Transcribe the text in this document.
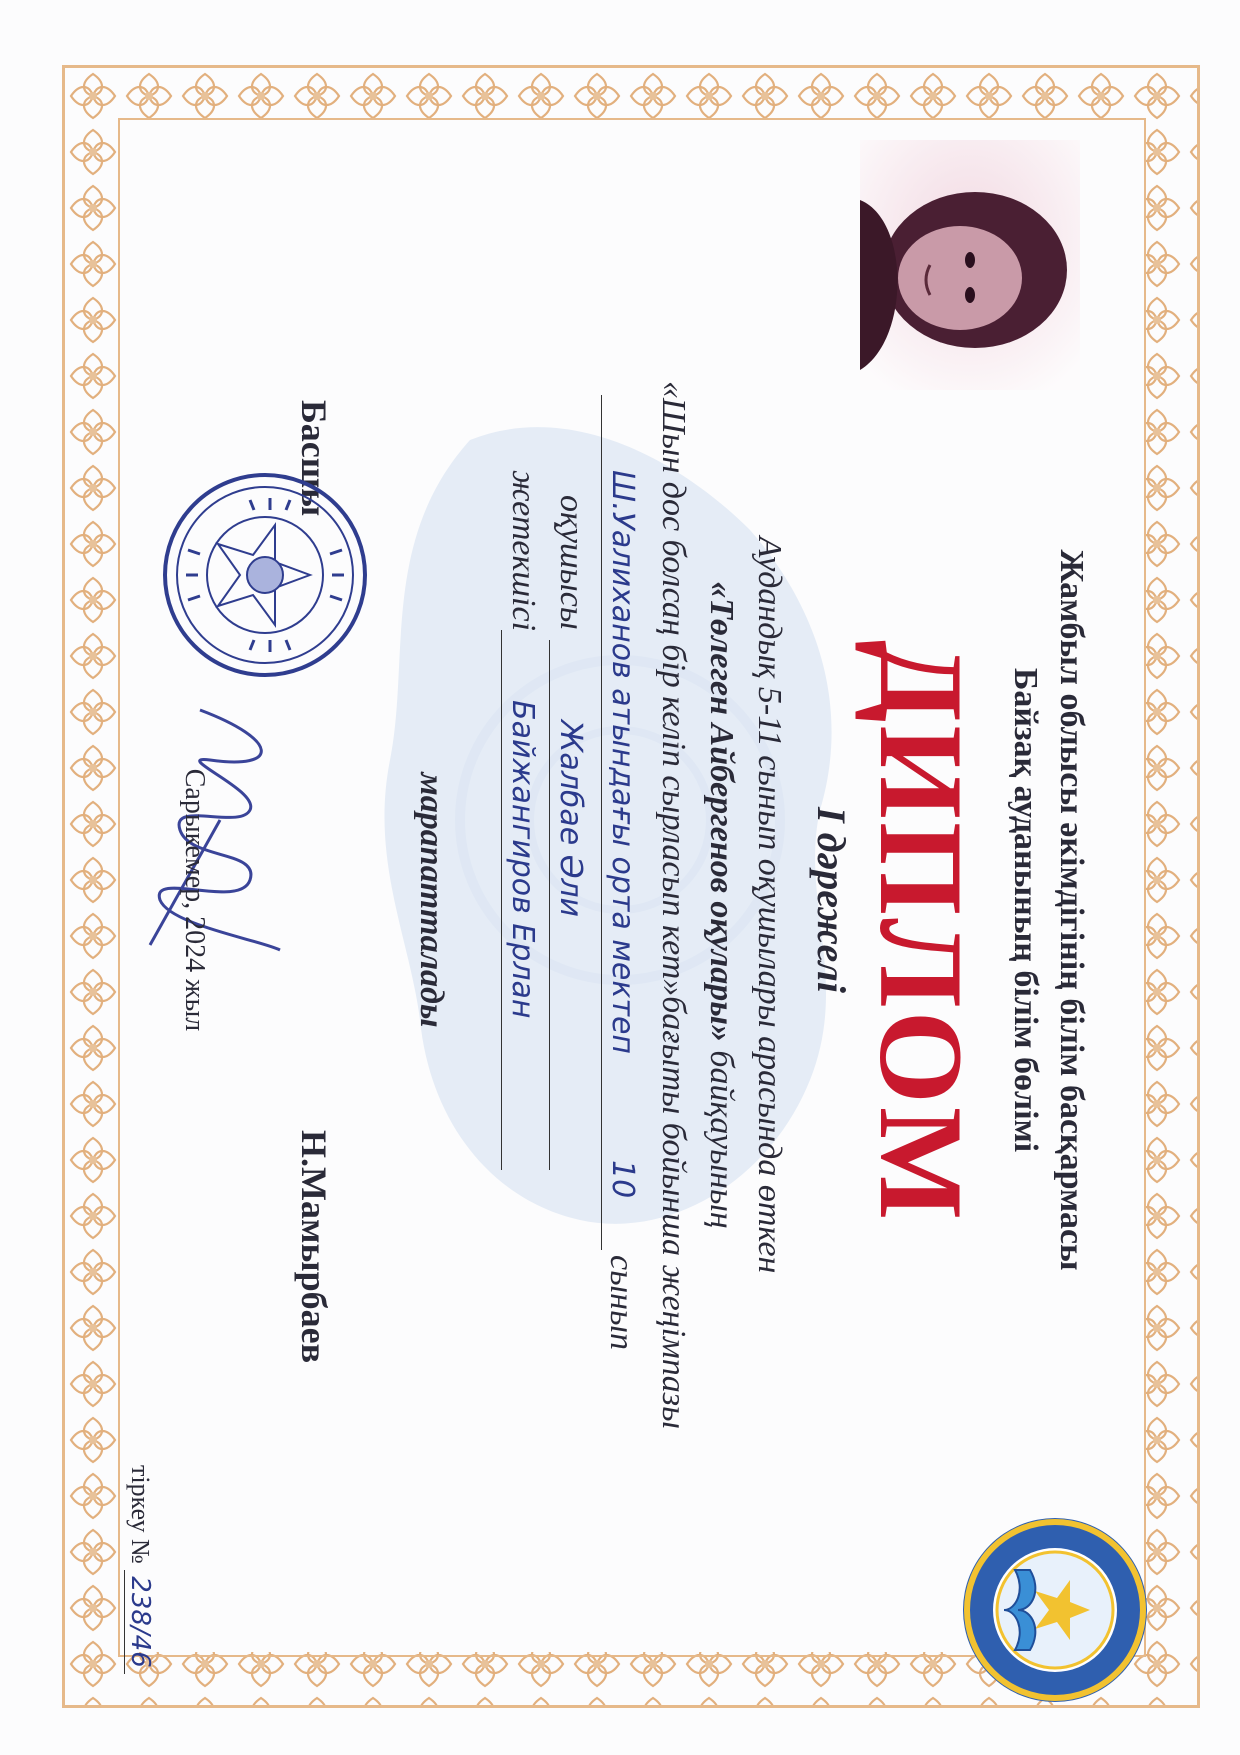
Жамбыл облысы әкімдігінің білім басқармасы
Байзақ ауданының білім бөлімі
ДИПЛОМ
I дәрежелі
Аудандық 5-11 сынып оқушылары арасында өткен
«Төлеген Айбергенов оқулары» байқауының
«Шын дос болсаң бір келіп сырласып кет»бағыты бойынша жеңімпазы
Ш.Уалиханов атындағы орта мектеп
10
сынып
оқушысы
Жалбае Әли
жетекшісі
Байжангиров Ерлан
марапатталады
Басшы
Н.Мамырбаев
Сарыкемер, 2024 жыл
тіркеу № 238/46
